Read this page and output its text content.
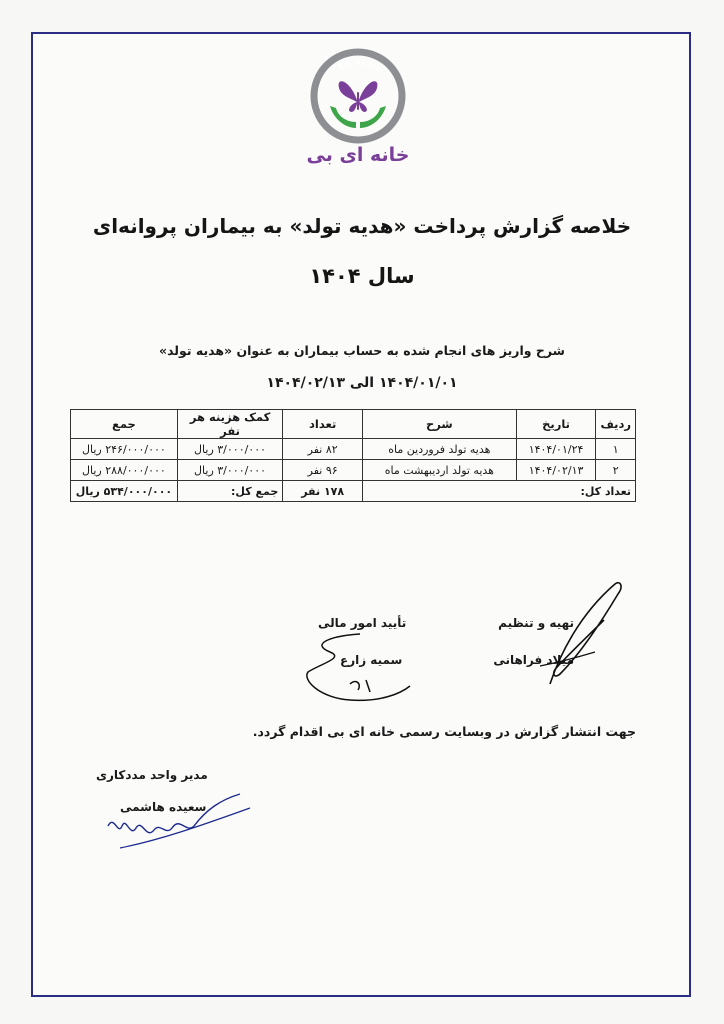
EB Home
خانه ای بی
خلاصه گزارش پرداخت «هدیه تولد» به بیماران پروانه‌ای
سال ۱۴۰۴
شرح واریز های انجام شده به حساب بیماران به عنوان «هدیه تولد»
۱۴۰۴/۰۱/۰۱ الی ۱۴۰۴/۰۲/۱۳
ردیف	تاریخ	شرح	تعداد	کمک هزینه هر نفر	جمع
۱	۱۴۰۴/۰۱/۲۴	هدیه تولد فروردین ماه	۸۲ نفر	۳/۰۰۰/۰۰۰ ریال	۲۴۶/۰۰۰/۰۰۰ ریال
۲	۱۴۰۴/۰۲/۱۳	هدیه تولد اردیبهشت ماه	۹۶ نفر	۳/۰۰۰/۰۰۰ ریال	۲۸۸/۰۰۰/۰۰۰ ریال
تعداد کل:			۱۷۸ نفر	جمع کل:	۵۳۴/۰۰۰/۰۰۰ ریال
تهیه و تنظیم
میلاد فراهانی
تأیید امور مالی
سمیه زارع
جهت انتشار گزارش در وبسایت رسمی خانه ای بی اقدام گردد.
مدیر واحد مددکاری
سعیده هاشمی
